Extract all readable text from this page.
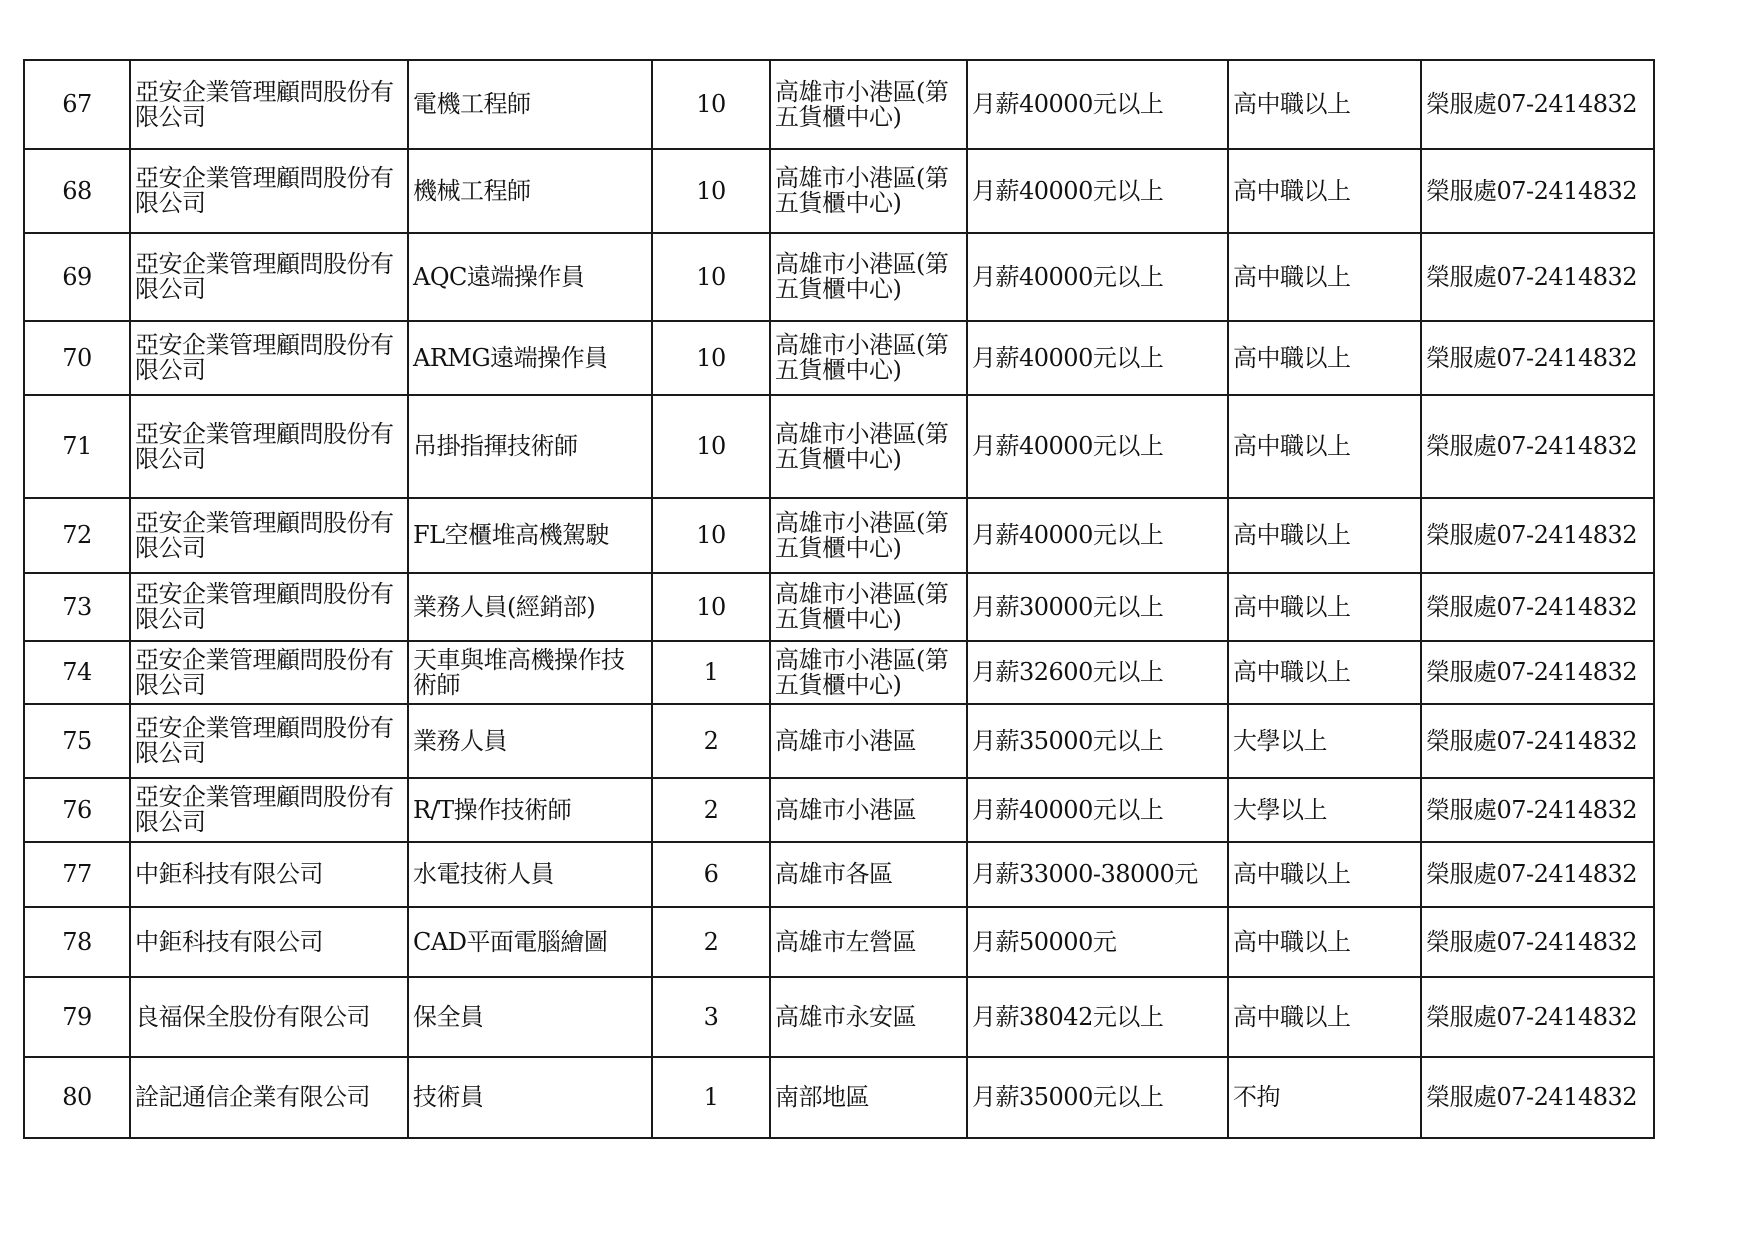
67	亞安企業管理顧問股份有限公司	電機工程師	10	高雄市小港區(第五貨櫃中心)	月薪40000元以上	高中職以上	榮服處07-2414832
68	亞安企業管理顧問股份有限公司	機械工程師	10	高雄市小港區(第五貨櫃中心)	月薪40000元以上	高中職以上	榮服處07-2414832
69	亞安企業管理顧問股份有限公司	AQC遠端操作員	10	高雄市小港區(第五貨櫃中心)	月薪40000元以上	高中職以上	榮服處07-2414832
70	亞安企業管理顧問股份有限公司	ARMG遠端操作員	10	高雄市小港區(第五貨櫃中心)	月薪40000元以上	高中職以上	榮服處07-2414832
71	亞安企業管理顧問股份有限公司	吊掛指揮技術師	10	高雄市小港區(第五貨櫃中心)	月薪40000元以上	高中職以上	榮服處07-2414832
72	亞安企業管理顧問股份有限公司	FL空櫃堆高機駕駛	10	高雄市小港區(第五貨櫃中心)	月薪40000元以上	高中職以上	榮服處07-2414832
73	亞安企業管理顧問股份有限公司	業務人員(經銷部)	10	高雄市小港區(第五貨櫃中心)	月薪30000元以上	高中職以上	榮服處07-2414832
74	亞安企業管理顧問股份有限公司	天車與堆高機操作技術師	1	高雄市小港區(第五貨櫃中心)	月薪32600元以上	高中職以上	榮服處07-2414832
75	亞安企業管理顧問股份有限公司	業務人員	2	高雄市小港區	月薪35000元以上	大學以上	榮服處07-2414832
76	亞安企業管理顧問股份有限公司	R/T操作技術師	2	高雄市小港區	月薪40000元以上	大學以上	榮服處07-2414832
77	中鉅科技有限公司	水電技術人員	6	高雄市各區	月薪33000-38000元	高中職以上	榮服處07-2414832
78	中鉅科技有限公司	CAD平面電腦繪圖	2	高雄市左營區	月薪50000元	高中職以上	榮服處07-2414832
79	良福保全股份有限公司	保全員	3	高雄市永安區	月薪38042元以上	高中職以上	榮服處07-2414832
80	詮記通信企業有限公司	技術員	1	南部地區	月薪35000元以上	不拘	榮服處07-2414832
